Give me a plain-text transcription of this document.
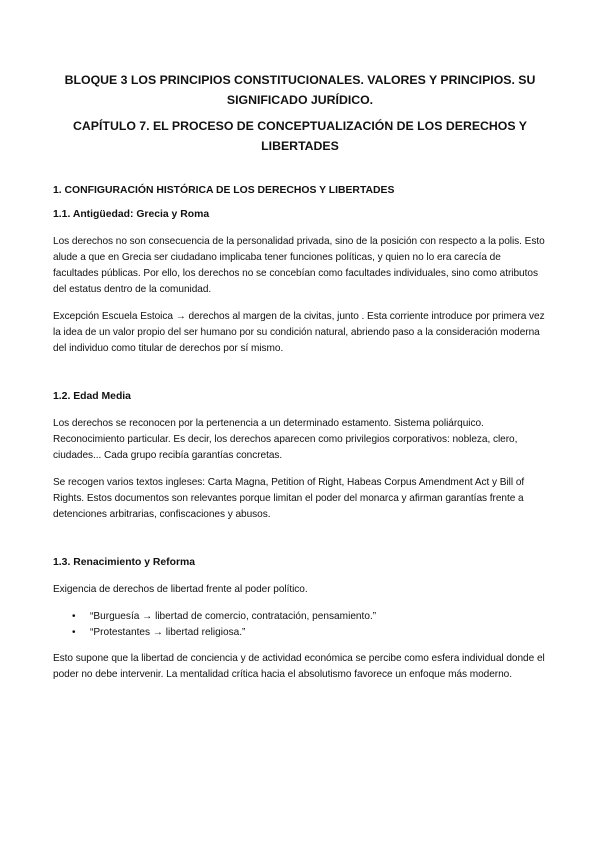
BLOQUE 3 LOS PRINCIPIOS CONSTITUCIONALES. VALORES Y PRINCIPIOS. SU SIGNIFICADO JURÍDICO.
CAPÍTULO 7. EL PROCESO DE CONCEPTUALIZACIÓN DE LOS DERECHOS Y LIBERTADES
1. CONFIGURACIÓN HISTÓRICA DE LOS DERECHOS Y LIBERTADES
1.1. Antigüedad: Grecia y Roma

Los derechos no son consecuencia de la personalidad privada, sino de la posición con respecto a la polis. Esto alude a que en Grecia ser ciudadano implicaba tener funciones políticas, y quien no lo era carecía de facultades públicas. Por ello, los derechos no se concebían como facultades individuales, sino como atributos del estatus dentro de la comunidad.

Excepción Escuela Estoica → derechos al margen de la civitas, junto . Esta corriente introduce por primera vez la idea de un valor propio del ser humano por su condición natural, abriendo paso a la consideración moderna del individuo como titular de derechos por sí mismo.

1.2. Edad Media

Los derechos se reconocen por la pertenencia a un determinado estamento. Sistema poliárquico. Reconocimiento particular. Es decir, los derechos aparecen como privilegios corporativos: nobleza, clero, ciudades... Cada grupo recibía garantías concretas.

Se recogen varios textos ingleses: Carta Magna, Petition of Right, Habeas Corpus Amendment Act y Bill of Rights. Estos documentos son relevantes porque limitan el poder del monarca y afirman garantías frente a detenciones arbitrarias, confiscaciones y abusos.

1.3. Renacimiento y Reforma

Exigencia de derechos de libertad frente al poder político.

• “Burguesía → libertad de comercio, contratación, pensamiento.”
• “Protestantes → libertad religiosa.”

Esto supone que la libertad de conciencia y de actividad económica se percibe como esfera individual donde el poder no debe intervenir. La mentalidad crítica hacia el absolutismo favorece un enfoque más moderno.
